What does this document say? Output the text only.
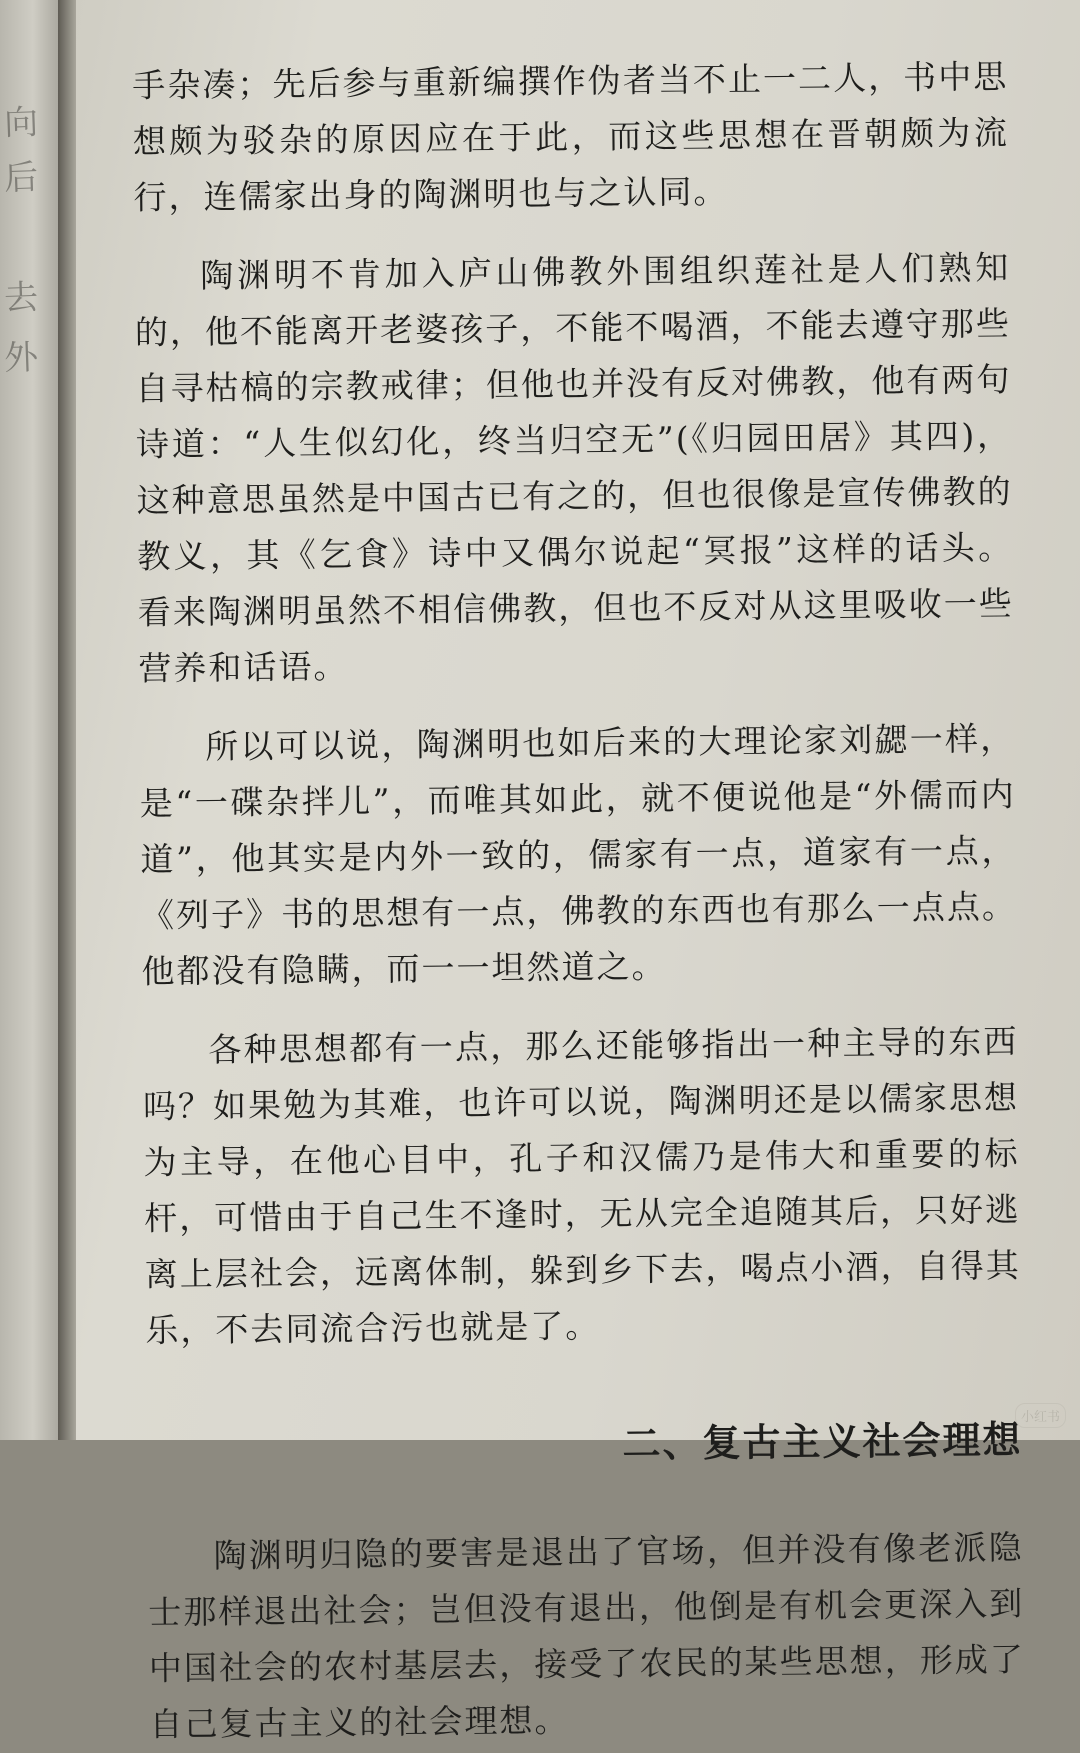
向
后
去
外

手杂凑；先后参与重新编撰作伪者当不止一二人，书中思想颇为驳杂的原因应在于此，而这些思想在晋朝颇为流行，连儒家出身的陶渊明也与之认同。

陶渊明不肯加入庐山佛教外围组织莲社是人们熟知的，他不能离开老婆孩子，不能不喝酒，不能去遵守那些自寻枯槁的宗教戒律；但他也并没有反对佛教，他有两句诗道：“人生似幻化，终当归空无”(《归园田居》其四)，这种意思虽然是中国古已有之的，但也很像是宣传佛教的教义，其《乞食》诗中又偶尔说起“冥报”这样的话头。看来陶渊明虽然不相信佛教，但也不反对从这里吸收一些营养和话语。

所以可以说，陶渊明也如后来的大理论家刘勰一样，是“一碟杂拌儿”，而唯其如此，就不便说他是“外儒而内道”，他其实是内外一致的，儒家有一点，道家有一点，《列子》书的思想有一点，佛教的东西也有那么一点点。他都没有隐瞒，而一一坦然道之。

各种思想都有一点，那么还能够指出一种主导的东西吗？如果勉为其难，也许可以说，陶渊明还是以儒家思想为主导，在他心目中，孔子和汉儒乃是伟大和重要的标杆，可惜由于自己生不逢时，无从完全追随其后，只好逃离上层社会，远离体制，躲到乡下去，喝点小酒，自得其乐，不去同流合污也就是了。

二、复古主义社会理想

陶渊明归隐的要害是退出了官场，但并没有像老派隐士那样退出社会；岂但没有退出，他倒是有机会更深入到中国社会的农村基层去，接受了农民的某些思想，形成了自己复古主义的社会理想。

小红书
